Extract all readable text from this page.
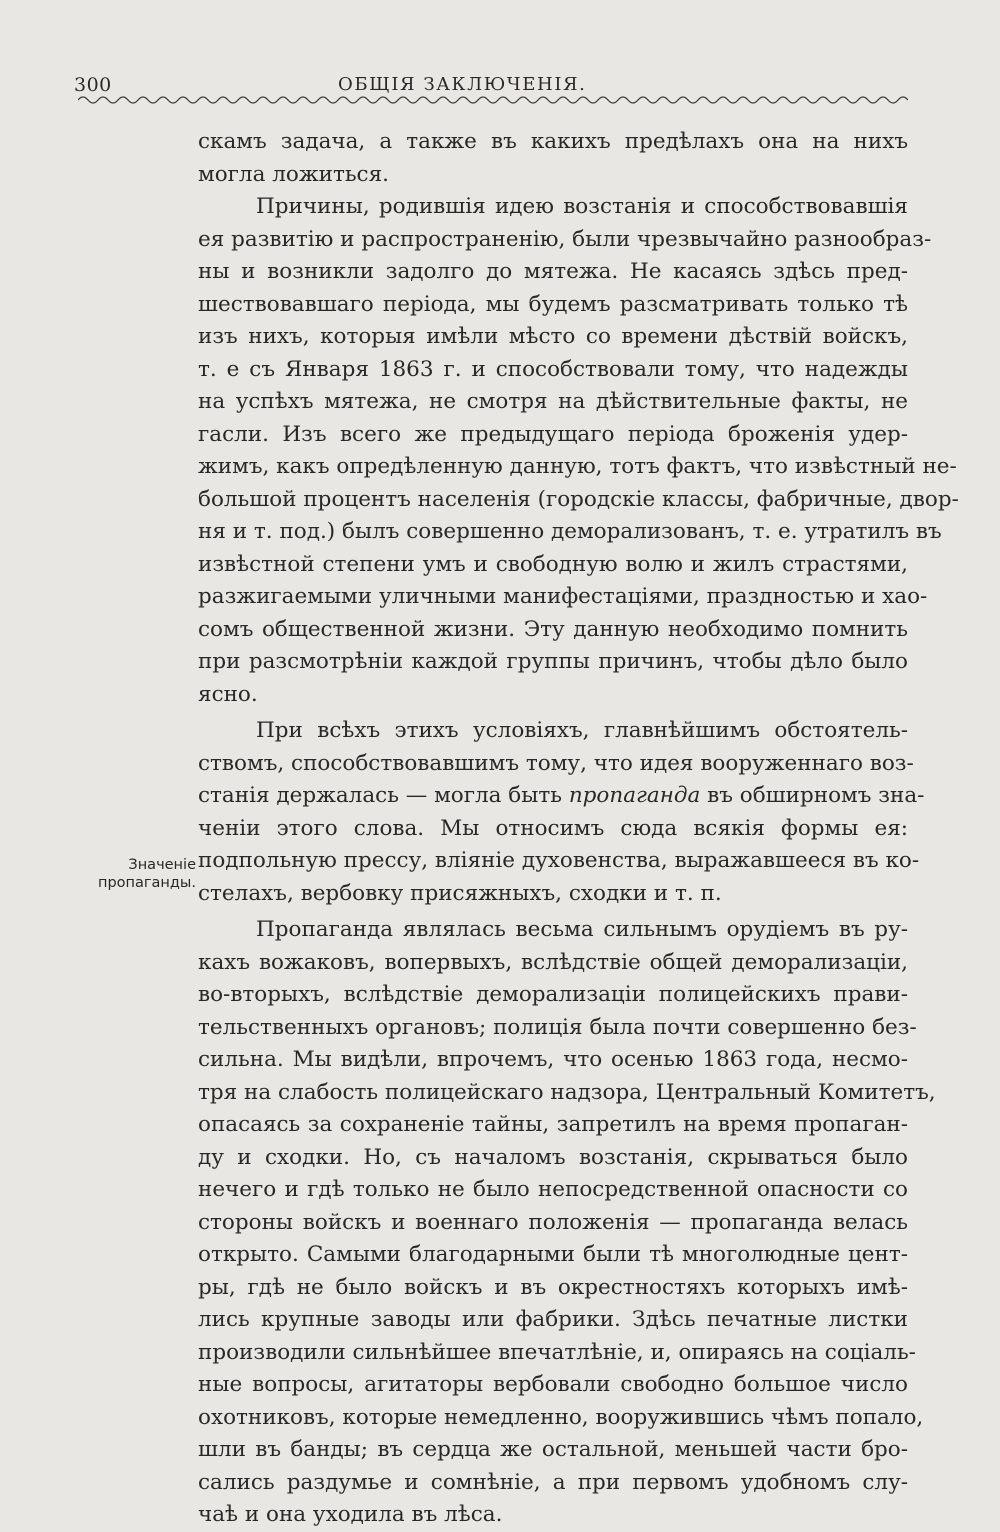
300	ОБЩІЯ ЗАКЛЮЧЕНІЯ.
Значеніе
пропаганды.

скамъ задача, а также въ какихъ предѣлахъ она на нихъ
могла ложиться.

Причины, родившія идею возстанія и способствовавшія
ея развитію и распространенію, были чрезвычайно разнообраз-
ны и возникли задолго до мятежа. Не касаясь здѣсь пред-
шествовавшаго періода, мы будемъ разсматривать только тѣ
изъ нихъ, которыя имѣли мѣсто со времени дѣствій войскъ,
т. е съ Января 1863 г. и способствовали тому, что надежды
на успѣхъ мятежа, не смотря на дѣйствительные факты, не
гасли. Изъ всего же предыдущаго періода броженія удер-
жимъ, какъ опредѣленную данную, тотъ фактъ, что извѣстный не-
большой процентъ населенія (городскіе классы, фабричные, двор-
ня и т. под.) былъ совершенно деморализованъ, т. е. утратилъ въ
извѣстной степени умъ и свободную волю и жилъ страстями,
разжигаемыми уличными манифестаціями, праздностью и хао-
сомъ общественной жизни. Эту данную необходимо помнить
при разсмотрѣніи каждой группы причинъ, чтобы дѣло было
ясно.

При всѣхъ этихъ условіяхъ, главнѣйшимъ обстоятель-
ствомъ, способствовавшимъ тому, что идея вооруженнаго воз-
станія держалась — могла быть пропаганда въ обширномъ зна-
ченіи этого слова. Мы относимъ сюда всякія формы ея:
подпольную прессу, вліяніе духовенства, выражавшееся въ ко-
стелахъ, вербовку присяжныхъ, сходки и т. п.

Пропаганда являлась весьма сильнымъ орудіемъ въ ру-
кахъ вожаковъ, вопервыхъ, вслѣдствіе общей деморализаціи,
во-вторыхъ, вслѣдствіе деморализаціи полицейскихъ прави-
тельственныхъ органовъ; полиція была почти совершенно без-
сильна. Мы видѣли, впрочемъ, что осенью 1863 года, несмо-
тря на слабость полицейскаго надзора, Центральный Комитетъ,
опасаясь за сохраненіе тайны, запретилъ на время пропаган-
ду и сходки. Но, съ началомъ возстанія, скрываться было
нечего и гдѣ только не было непосредственной опасности со
стороны войскъ и военнаго положенія — пропаганда велась
открыто. Самыми благодарными были тѣ многолюдные цент-
ры, гдѣ не было войскъ и въ окрестностяхъ которыхъ имѣ-
лись крупные заводы или фабрики. Здѣсь печатные листки
производили сильнѣйшее впечатлѣніе, и, опираясь на соціаль-
ные вопросы, агитаторы вербовали свободно большое число
охотниковъ, которые немедленно, вооружившись чѣмъ попало,
шли въ банды; въ сердца же остальной, меньшей части бро-
сались раздумье и сомнѣніе, а при первомъ удобномъ слу-
чаѣ и она уходила въ лѣса.
